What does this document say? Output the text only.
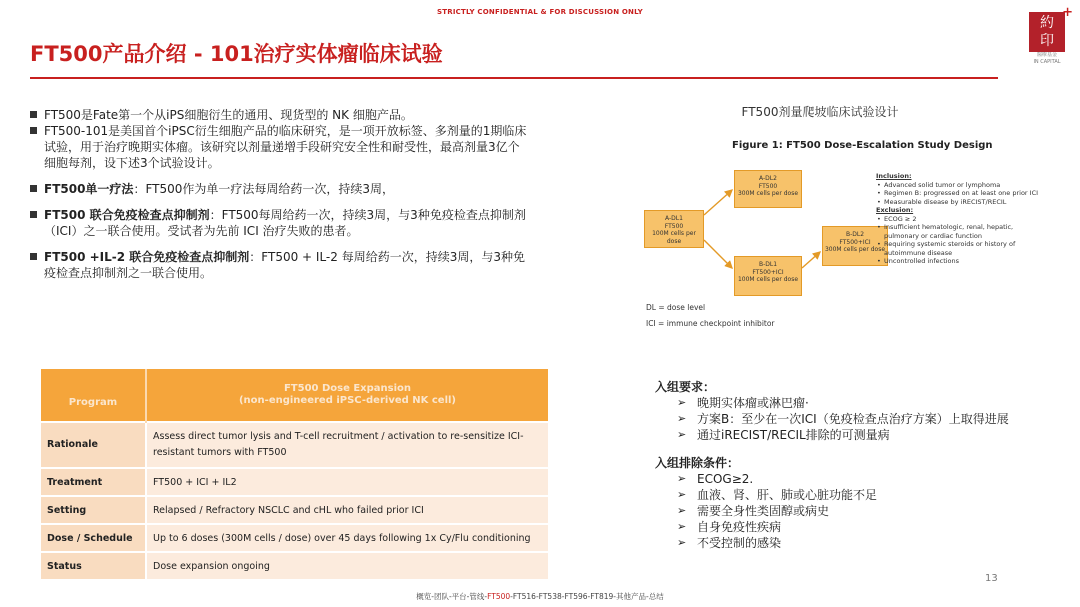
STRICTLY CONFIDENTIAL & FOR DISCUSSION ONLY
FT500产品介绍 - 101治疗实体瘤临床试验
+
約
印
醫療基金
IN CAPITAL
FT500是Fate第一个从iPS细胞衍生的通用、现货型的 NK 细胞产品。
FT500-101是美国首个iPSC衍生细胞产品的临床研究，是一项开放标签、多剂量的1期临床试验，用于治疗晚期实体瘤。该研究以剂量递增手段研究安全性和耐受性，最高剂量3亿个细胞每剂，设下述3个试验设计。
FT500单一疗法：FT500作为单一疗法每周给药一次，持续3周，
FT500 联合免疫检查点抑制剂：FT500每周给药一次，持续3周，与3种免疫检查点抑制剂（ICI）之一联合使用。受试者为先前 ICI 治疗失败的患者。
FT500 +IL-2 联合免疫检查点抑制剂：FT500 + IL-2 每周给药一次，持续3周，与3种免疫检查点抑制剂之一联合使用。
FT500剂量爬坡临床试验设计
Figure 1: FT500 Dose-Escalation Study Design
A-DL1
FT500
100M cells per dose
A-DL2
FT500
300M cells per dose
B-DL1
FT500+ICI
100M cells per dose
B-DL2
FT500+ICI
300M cells per dose
Inclusion:
• Advanced solid tumor or lymphoma
• Regimen B: progressed on at least one prior ICI
• Measurable disease by iRECIST/RECIL
Exclusion:
• ECOG ≥ 2
• Insufficient hematologic, renal, hepatic, pulmonary or cardiac function
• Requiring systemic steroids or history of autoimmune disease
• Uncontrolled infections
DL = dose level
ICI = immune checkpoint inhibitor
Program	FT500 Dose Expansion
(non-engineered iPSC-derived NK cell)

Rationale	Assess direct tumor lysis and T-cell recruitment / activation to re-sensitize ICI-resistant tumors with FT500
Treatment	FT500 + ICI + IL2
Setting	Relapsed / Refractory NSCLC and cHL who failed prior ICI
Dose / Schedule	Up to 6 doses (300M cells / dose) over 45 days following 1x Cy/Flu conditioning
Status	Dose expansion ongoing
入组要求：
➢ 晚期实体瘤或淋巴瘤·
➢ 方案B：至少在一次ICI（免疫检查点治疗方案）上取得进展
➢ 通过iRECIST/RECIL排除的可测量病
入组排除条件：
➢ ECOG≥2.
➢ 血液、肾、肝、肺或心脏功能不足
➢ 需要全身性类固醇或病史
➢ 自身免疫性疾病
➢ 不受控制的感染
13
概览-团队-平台-管线-FT500-FT516-FT538-FT596-FT819-其他产品-总结
